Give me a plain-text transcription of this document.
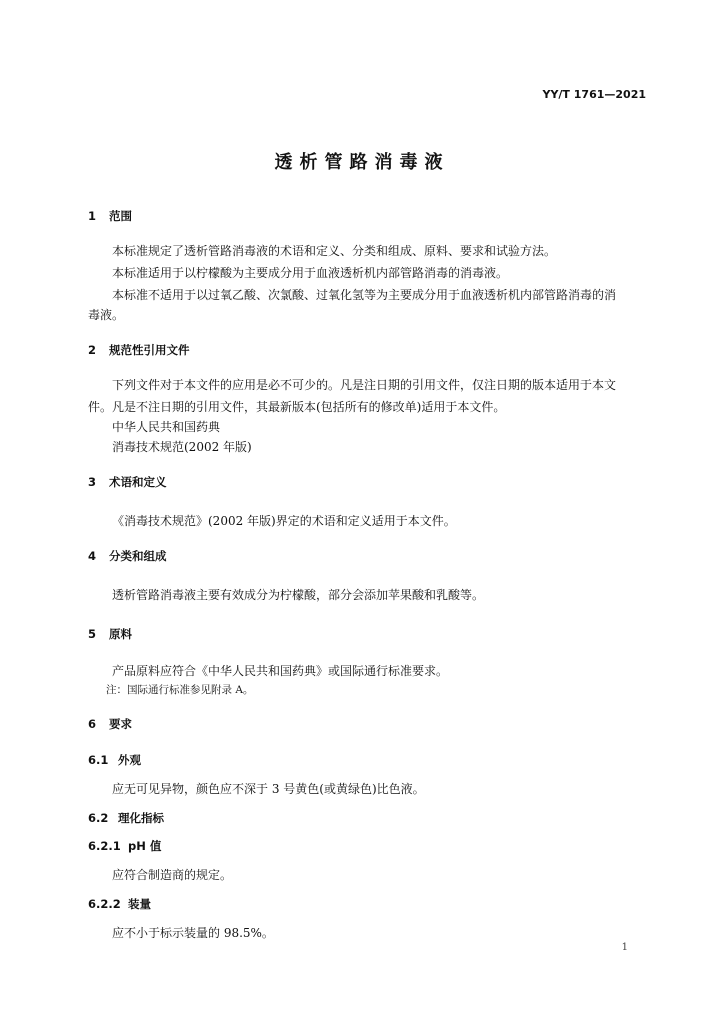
YY/T 1761—2021
透析管路消毒液
1 范围
本标准规定了透析管路消毒液的术语和定义、分类和组成、原料、要求和试验方法。
本标准适用于以柠檬酸为主要成分用于血液透析机内部管路消毒的消毒液。
本标准不适用于以过氧乙酸、次氯酸、过氧化氢等为主要成分用于血液透析机内部管路消毒的消
毒液。
2 规范性引用文件
下列文件对于本文件的应用是必不可少的。凡是注日期的引用文件，仅注日期的版本适用于本文
件。凡是不注日期的引用文件，其最新版本(包括所有的修改单)适用于本文件。
中华人民共和国药典
消毒技术规范(2002 年版)
3 术语和定义
《消毒技术规范》(2002 年版)界定的术语和定义适用于本文件。
4 分类和组成
透析管路消毒液主要有效成分为柠檬酸，部分会添加苹果酸和乳酸等。
5 原料
产品原料应符合《中华人民共和国药典》或国际通行标准要求。
注：国际通行标准参见附录 A。
6 要求
6.1 外观
应无可见异物，颜色应不深于 3 号黄色(或黄绿色)比色液。
6.2 理化指标
6.2.1 pH 值
应符合制造商的规定。
6.2.2 装量
应不小于标示装量的 98.5%。
1
